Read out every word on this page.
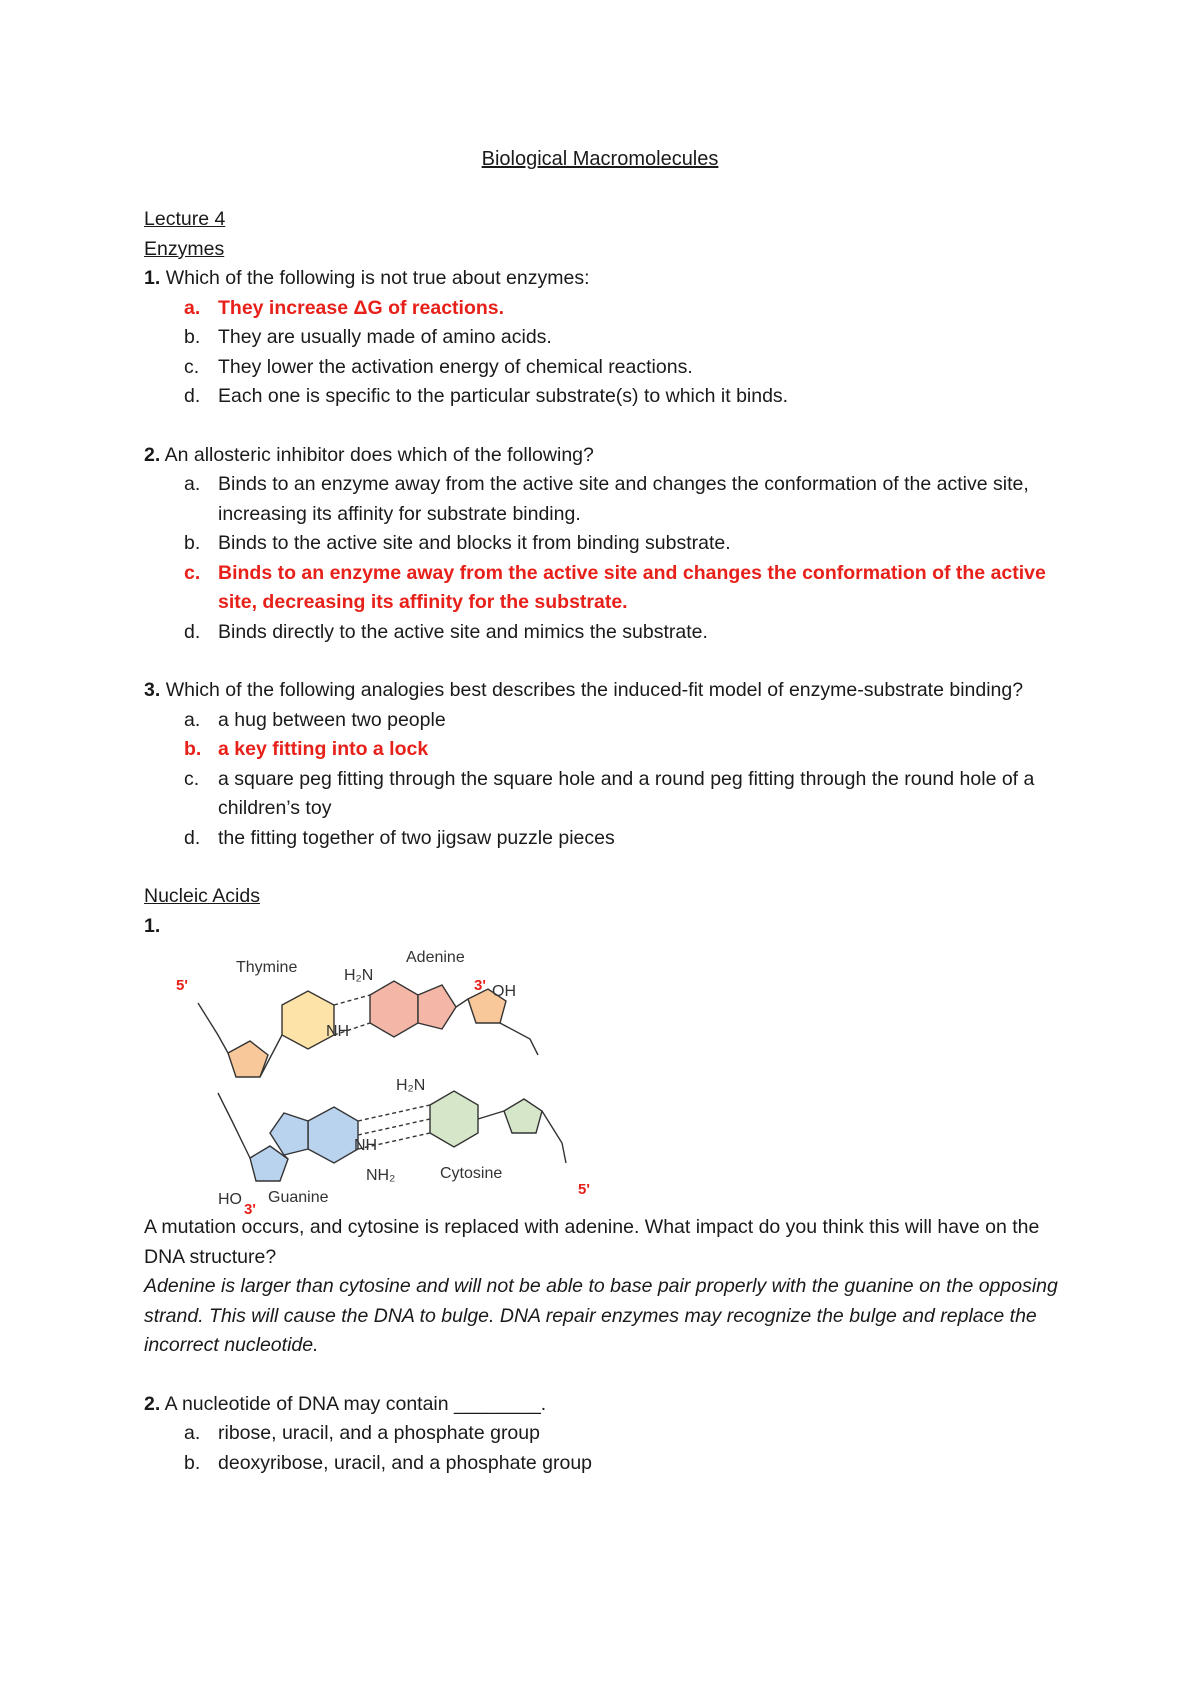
Biological Macromolecules
Lecture 4
Enzymes

1. Which of the following is not true about enzymes:

a. They increase ΔG of reactions.
b. They are usually made of amino acids.
c. They lower the activation energy of chemical reactions.
d. Each one is specific to the particular substrate(s) to which it binds.

2. An allosteric inhibitor does which of the following?

a. Binds to an enzyme away from the active site and changes the conformation of the active site, increasing its affinity for substrate binding.
b. Binds to the active site and blocks it from binding substrate.
c. Binds to an enzyme away from the active site and changes the conformation of the active site, decreasing its affinity for the substrate.
d. Binds directly to the active site and mimics the substrate.

3. Which of the following analogies best describes the induced-fit model of enzyme-substrate binding?

a. a hug between two people
b. a key fitting into a lock
c. a square peg fitting through the square hole and a round peg fitting through the round hole of a children’s toy
d. the fitting together of two jigsaw puzzle pieces
Nucleic Acids
1.
Thymine
Adenine
Guanine
Cytosine
H₂N
H₂N
NH
NH
NH₂
OH
HO
5'	3'
3'
5'

A mutation occurs, and cytosine is replaced with adenine. What impact do you think this will have on the DNA structure?

Adenine is larger than cytosine and will not be able to base pair properly with the guanine on the opposing strand. This will cause the DNA to bulge. DNA repair enzymes may recognize the bulge and replace the incorrect nucleotide.

2. A nucleotide of DNA may contain ________.

a. ribose, uracil, and a phosphate group
b. deoxyribose, uracil, and a phosphate group
